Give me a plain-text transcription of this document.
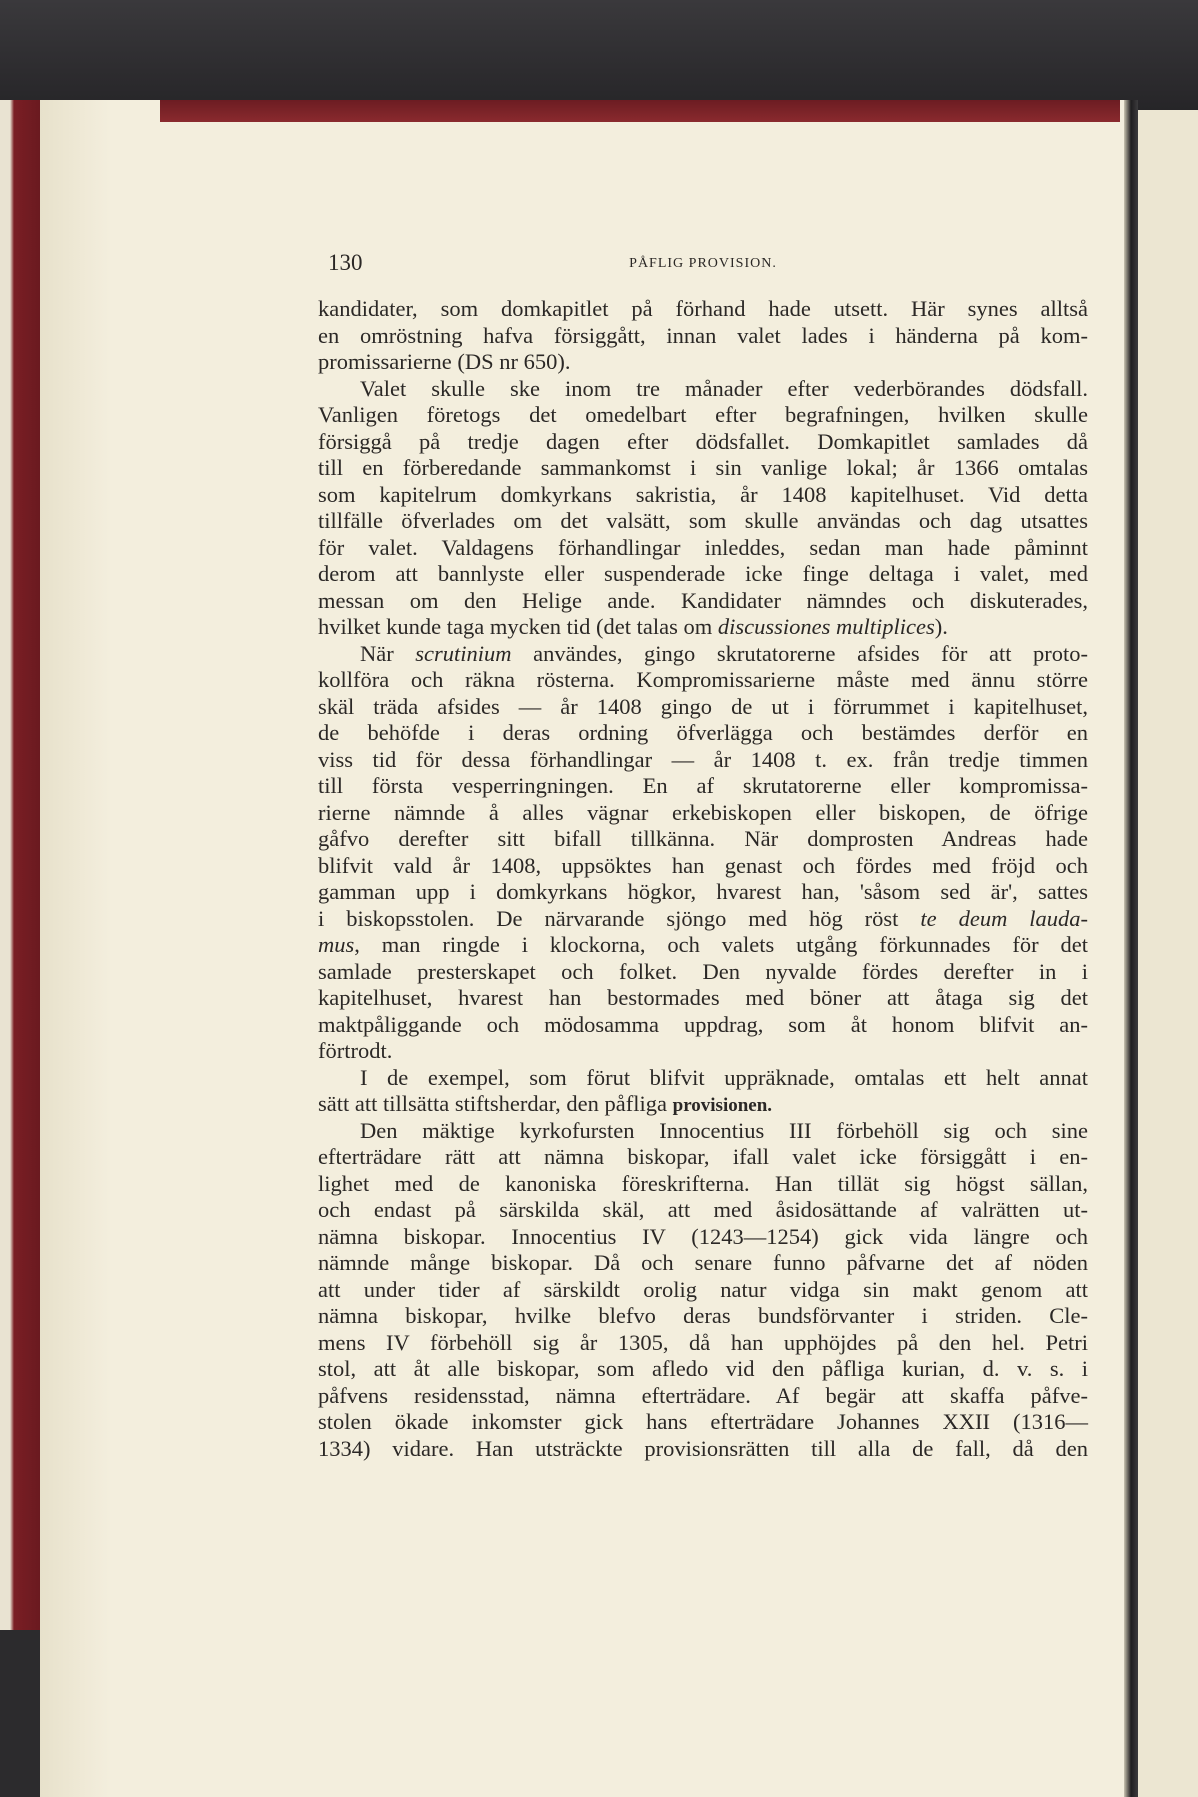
130	PÅFLIG PROVISION.
kandidater, som domkapitlet på förhand hade utsett. Här synes alltså
en omröstning hafva försiggått, innan valet lades i händerna på kom-
promissarierne (DS nr 650).
Valet skulle ske inom tre månader efter vederbörandes dödsfall.
Vanligen företogs det omedelbart efter begrafningen, hvilken skulle
försiggå på tredje dagen efter dödsfallet. Domkapitlet samlades då
till en förberedande sammankomst i sin vanlige lokal; år 1366 omtalas
som kapitelrum domkyrkans sakristia, år 1408 kapitelhuset. Vid detta
tillfälle öfverlades om det valsätt, som skulle användas och dag utsattes
för valet. Valdagens förhandlingar inleddes, sedan man hade påminnt
derom att bannlyste eller suspenderade icke finge deltaga i valet, med
messan om den Helige ande. Kandidater nämndes och diskuterades,
hvilket kunde taga mycken tid (det talas om discussiones multiplices).
När scrutinium användes, gingo skrutatorerne afsides för att proto-
kollföra och räkna rösterna. Kompromissarierne måste med ännu större
skäl träda afsides — år 1408 gingo de ut i förrummet i kapitelhuset,
de behöfde i deras ordning öfverlägga och bestämdes derför en
viss tid för dessa förhandlingar — år 1408 t. ex. från tredje timmen
till första vesperringningen. En af skrutatorerne eller kompromissa-
rierne nämnde å alles vägnar erkebiskopen eller biskopen, de öfrige
gåfvo derefter sitt bifall tillkänna. När domprosten Andreas hade
blifvit vald år 1408, uppsöktes han genast och fördes med fröjd och
gamman upp i domkyrkans högkor, hvarest han, 'såsom sed är', sattes
i biskopsstolen. De närvarande sjöngo med hög röst te deum lauda-
mus, man ringde i klockorna, och valets utgång förkunnades för det
samlade presterskapet och folket. Den nyvalde fördes derefter in i
kapitelhuset, hvarest han bestormades med böner att åtaga sig det
maktpåliggande och mödosamma uppdrag, som åt honom blifvit an-
förtrodt.
I de exempel, som förut blifvit uppräknade, omtalas ett helt annat
sätt att tillsätta stiftsherdar, den påfliga provisionen.
Den mäktige kyrkofursten Innocentius III förbehöll sig och sine
efterträdare rätt att nämna biskopar, ifall valet icke försiggått i en-
lighet med de kanoniska föreskrifterna. Han tillät sig högst sällan,
och endast på särskilda skäl, att med åsidosättande af valrätten ut-
nämna biskopar. Innocentius IV (1243—1254) gick vida längre och
nämnde månge biskopar. Då och senare funno påfvarne det af nöden
att under tider af särskildt orolig natur vidga sin makt genom att
nämna biskopar, hvilke blefvo deras bundsförvanter i striden. Cle-
mens IV förbehöll sig år 1305, då han upphöjdes på den hel. Petri
stol, att åt alle biskopar, som afledo vid den påfliga kurian, d. v. s. i
påfvens residensstad, nämna efterträdare. Af begär att skaffa påfve-
stolen ökade inkomster gick hans efterträdare Johannes XXII (1316—
1334) vidare. Han utsträckte provisionsrätten till alla de fall, då den
